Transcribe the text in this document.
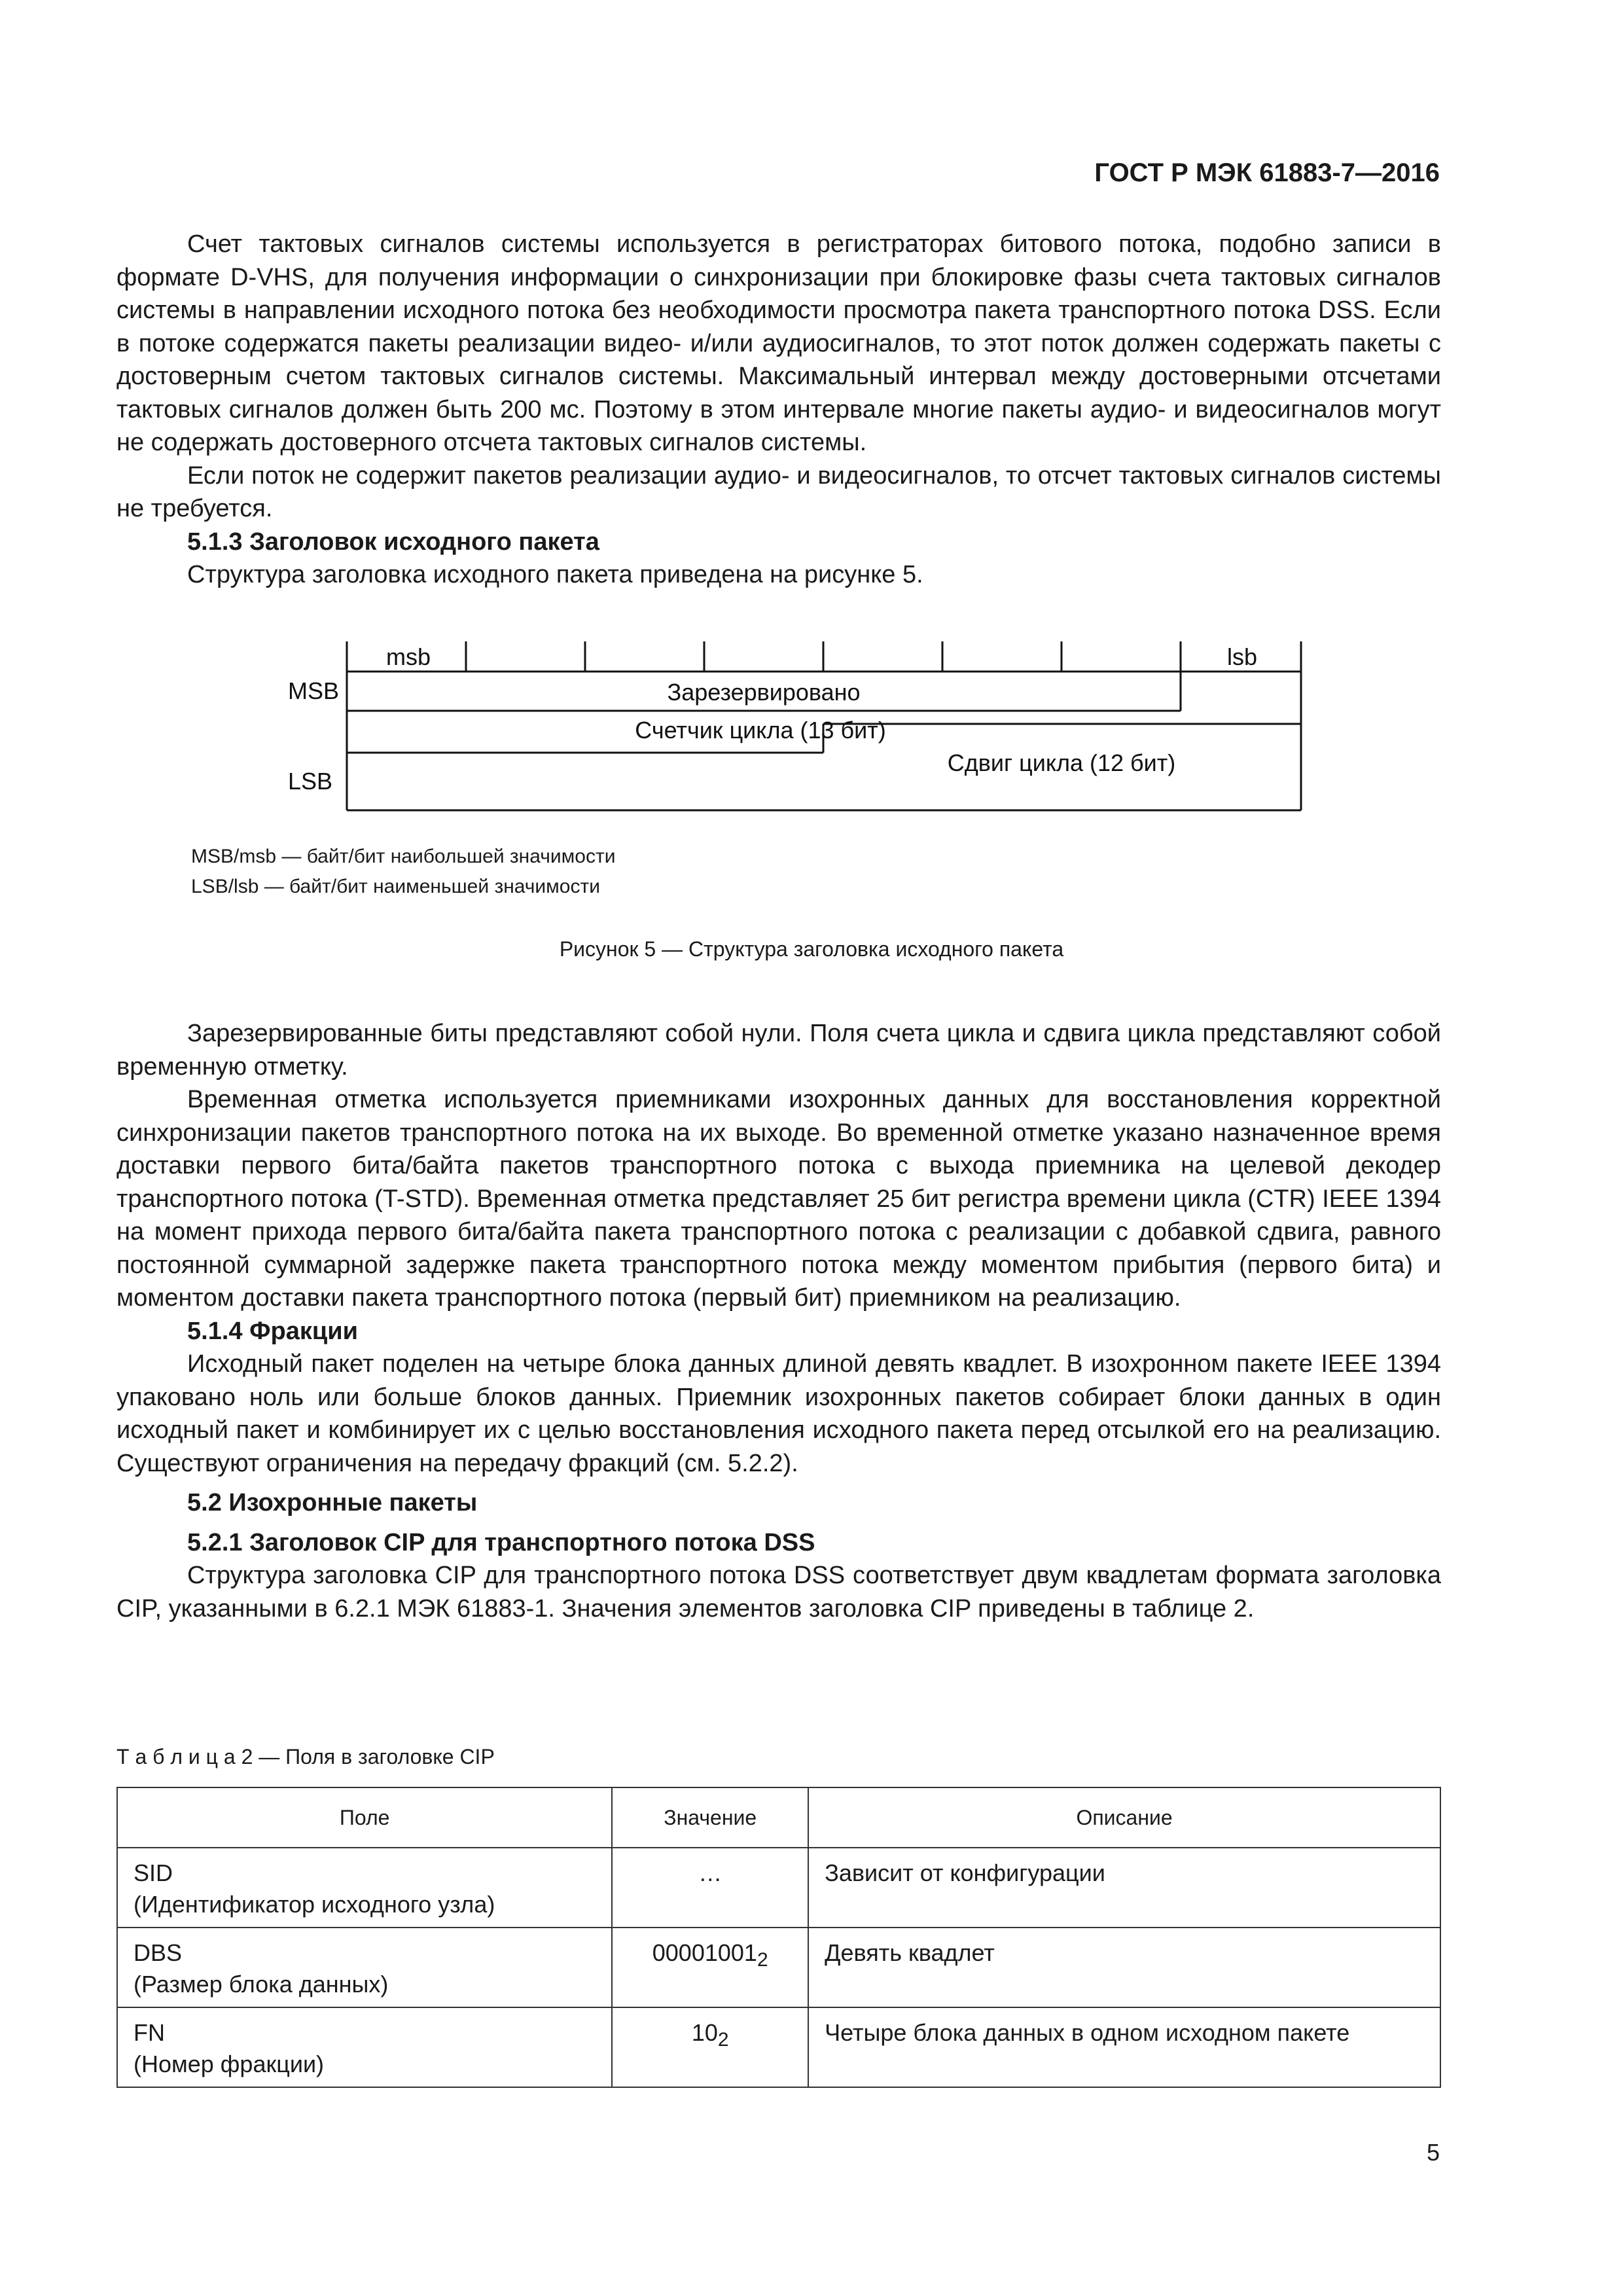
ГОСТ Р МЭК 61883-7—2016

Счет тактовых сигналов системы используется в регистраторах битового потока, подобно записи в формате D-VHS, для получения информации о синхронизации при блокировке фазы счета тактовых сигналов системы в направлении исходного потока без необходимости просмотра пакета транспортного потока DSS. Если в потоке содержатся пакеты реализации видео- и/или аудиосигналов, то этот поток должен содержать пакеты с достоверным счетом тактовых сигналов системы. Максимальный интервал между достоверными отсчетами тактовых сигналов должен быть 200 мс. Поэтому в этом интервале многие пакеты аудио- и видеосигналов могут не содержать достоверного отсчета тактовых сигналов системы.

Если поток не содержит пакетов реализации аудио- и видеосигналов, то отсчет тактовых сигналов системы не требуется.

5.1.3 Заголовок исходного пакета

Структура заголовка исходного пакета приведена на рисунке 5.

msb	lsb
MSB
LSB
Зарезервировано
Счетчик цикла (13 бит)
Сдвиг цикла (12 бит)
MSB/msb — байт/бит наибольшей значимости
LSB/lsb — байт/бит наименьшей значимости
Рисунок 5 — Структура заголовка исходного пакета

Зарезервированные биты представляют собой нули. Поля счета цикла и сдвига цикла представляют собой временную отметку.

Временная отметка используется приемниками изохронных данных для восстановления корректной синхронизации пакетов транспортного потока на их выходе. Во временной отметке указано назначенное время доставки первого бита/байта пакетов транспортного потока с выхода приемника на целевой декодер транспортного потока (T-STD). Временная отметка представляет 25 бит регистра времени цикла (CTR) IEEE 1394 на момент прихода первого бита/байта пакета транспортного потока с реализации с добавкой сдвига, равного постоянной суммарной задержке пакета транспортного потока между моментом прибытия (первого бита) и моментом доставки пакета транспортного потока (первый бит) приемником на реализацию.

5.1.4 Фракции

Исходный пакет поделен на четыре блока данных длиной девять квадлет. В изохронном пакете IEEE 1394 упаковано ноль или больше блоков данных. Приемник изохронных пакетов собирает блоки данных в один исходный пакет и комбинирует их с целью восстановления исходного пакета перед отсылкой его на реализацию. Существуют ограничения на передачу фракций (см. 5.2.2).

5.2 Изохронные пакеты

5.2.1 Заголовок CIP для транспортного потока DSS

Структура заголовка CIP для транспортного потока DSS соответствует двум квадлетам формата заголовка CIP, указанными в 6.2.1 МЭК 61883-1. Значения элементов заголовка CIP приведены в таблице 2.

Т а б л и ц а 2 — Поля в заголовке CIP
Поле	Значение	Описание

SID
(Идентификатор исходного узла)	…	Зависит от конфигурации

DBS
(Размер блока данных)	$00001001_2$	Девять квадлет

FN
(Номер фракции)	$10_2$	Четыре блока данных в одном исходном пакете
5
